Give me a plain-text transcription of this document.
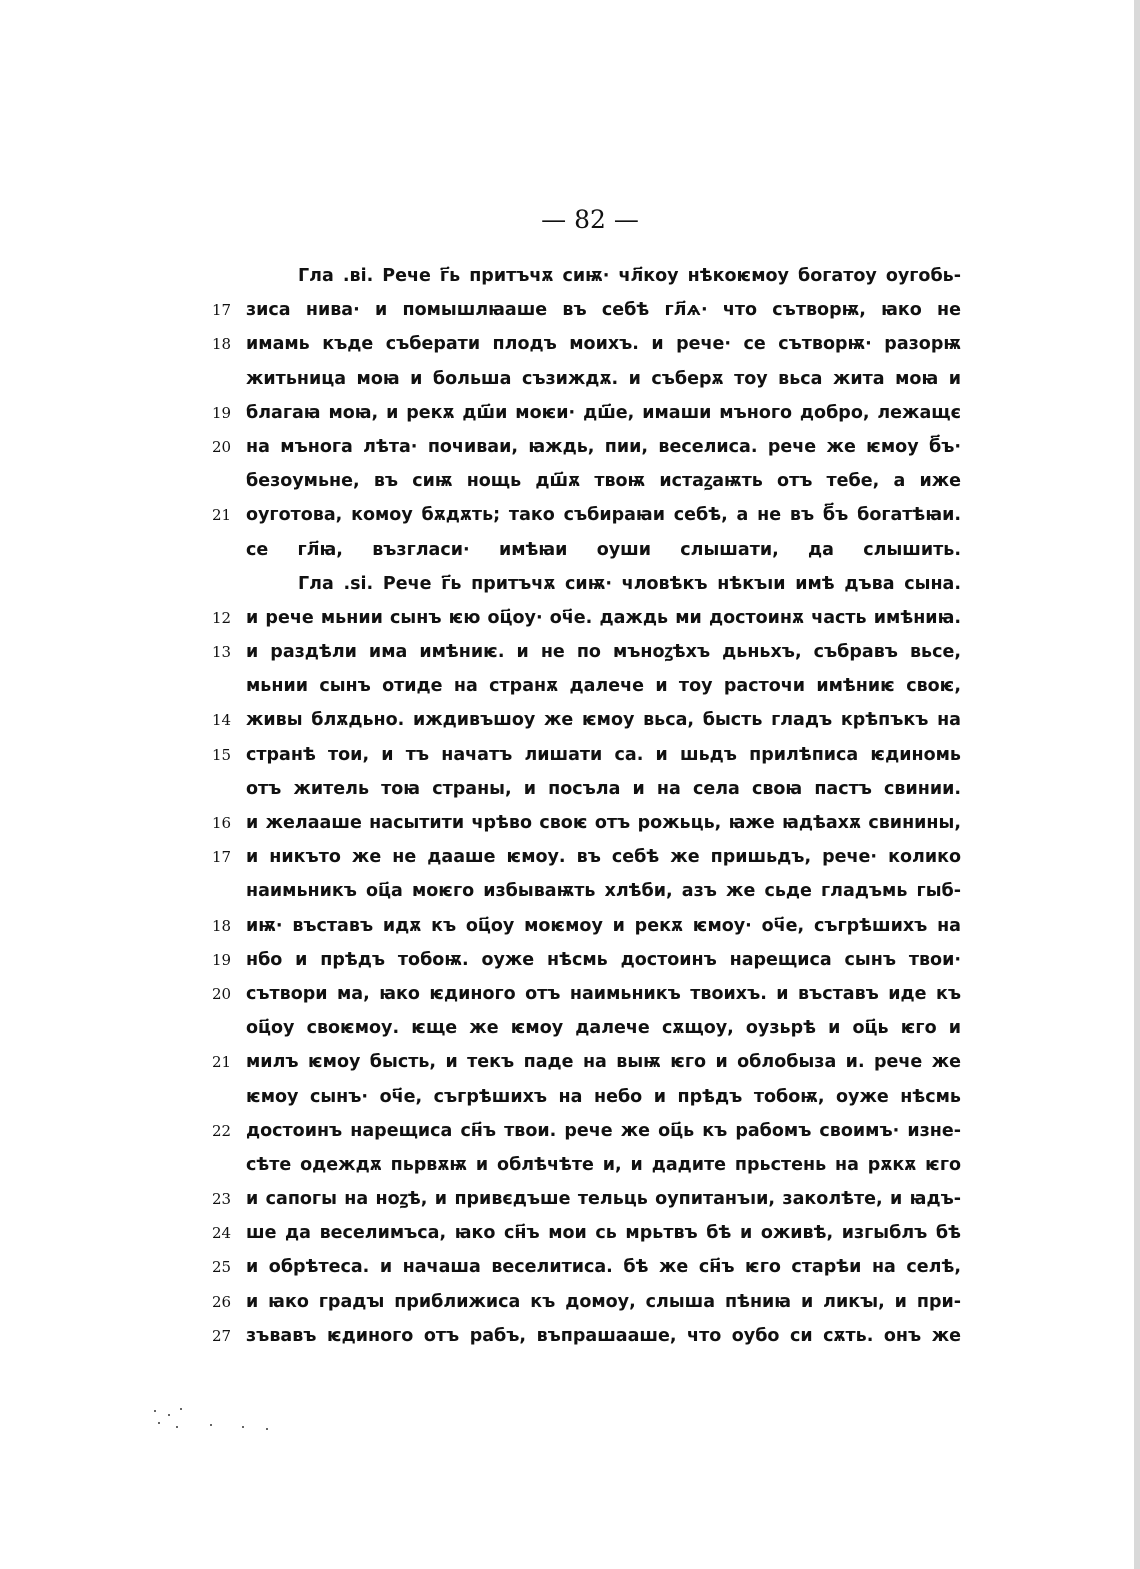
— 82 —
Гла .ві. Рече г҃ь притъчѫ сиѭ· чл҃коу нѣкоѥмоу богатоу оугобь-
17 зиса нива· и помышлꙗаше въ себѣ гл҃ѧ· что сътворѭ, ꙗко не
18 имамь къде съберати плодъ моихъ. и рече· се сътворѭ· разорѭ
житьница моꙗ и больша съзиждѫ. и съберѫ тоу вьса жита моꙗ и
19 благаꙗ моꙗ, и рекѫ дш҃и моѥи· дш҃е, имаши мъного добро, лежащє
20 на мънога лѣта· почиваи, ꙗждь, пии, веселиса. рече же ѥмоу б҃ъ·
безоумьне, въ сиѭ нощь дш҃ѫ твоѭ истаꙁаѭть отъ тебе, а иже
21 оуготова, комоу бѫдѫть; тако събираꙗи себѣ, а не въ б҃ъ богатѣꙗи.
се гл҃ꙗ, възгласи· имѣꙗи оуши слышати, да слышить.
Гла .ѕі. Рече г҃ь притъчѫ сиѭ· чловѣкъ нѣкъıи имѣ дъва сына.
12 и рече мьнии сынъ ѥю оц҃оу· оч҃е. даждь ми достоинѫ часть имѣниꙗ.
13 и раздѣли има имѣниѥ. и не по мъноꙁѣхъ дьньхъ, събравъ вьсе,
мьнии сынъ отиде на странѫ далече и тоу расточи имѣниѥ своѥ,
14 живы блѫдьно. иждивъшоу же ѥмоу вьса, бысть гладъ крѣпъкъ на
15 странѣ тои, и тъ начатъ лишати са. и шьдъ прилѣписа ѥдиномь
отъ житель тоꙗ страны, и посъла и на села своꙗ пастъ свинии.
16 и желааше насытити чрѣво своѥ отъ рожьць, ꙗже ꙗдѣахѫ свинины,
17 и никъто же не дааше ѥмоу. въ себѣ же пришьдъ, рече· колико
наимьникъ оц҃а моѥго избываѭть хлѣби, азъ же сьде гладъмь гыб-
18 иѭ· въставъ идѫ къ оц҃оу моѥмоу и рекѫ ѥмоу· оч҃е, съгрѣшихъ на
19 нбо и прѣдъ тобоѭ. оуже нѣсмь достоинъ нарещиса сынъ твои·
20 сътвори ма, ꙗко ѥдиного отъ наимьникъ твоихъ. и въставъ иде къ
оц҃оу своѥмоу. ѥще же ѥмоу далече сѫщоу, оузьрѣ и оц҃ь ѥго и
21 милъ ѥмоу бысть, и текъ паде на выѭ ѥго и облобыза и. рече же
ѥмоу сынъ· оч҃е, съгрѣшихъ на небо и прѣдъ тобоѭ, оуже нѣсмь
22 достоинъ нарещиса сн҃ъ твои. рече же оц҃ь къ рабомъ своимъ· изне-
сѣте одеждѫ пьрвѫѭ и облѣчѣте и, и дадите прьстень на рѫкѫ ѥго
23 и сапогы на ноꙁѣ, и привєдъше тельць оупитанъıи, заколѣте, и ꙗдъ-
24 ше да веселимъса, ꙗко сн҃ъ мои сь мрьтвъ бѣ и оживѣ, изгыблъ бѣ
25 и обрѣтеса. и начаша веселитиса. бѣ же сн҃ъ ѥго старѣи на селѣ,
26 и ꙗко градꙑ приближиса къ домоу, слыша пѣниꙗ и ликꙑ, и при-
27 зъвавъ ѥдиного отъ рабъ, въпрашааше, что оубо си сѫть. онъ же
